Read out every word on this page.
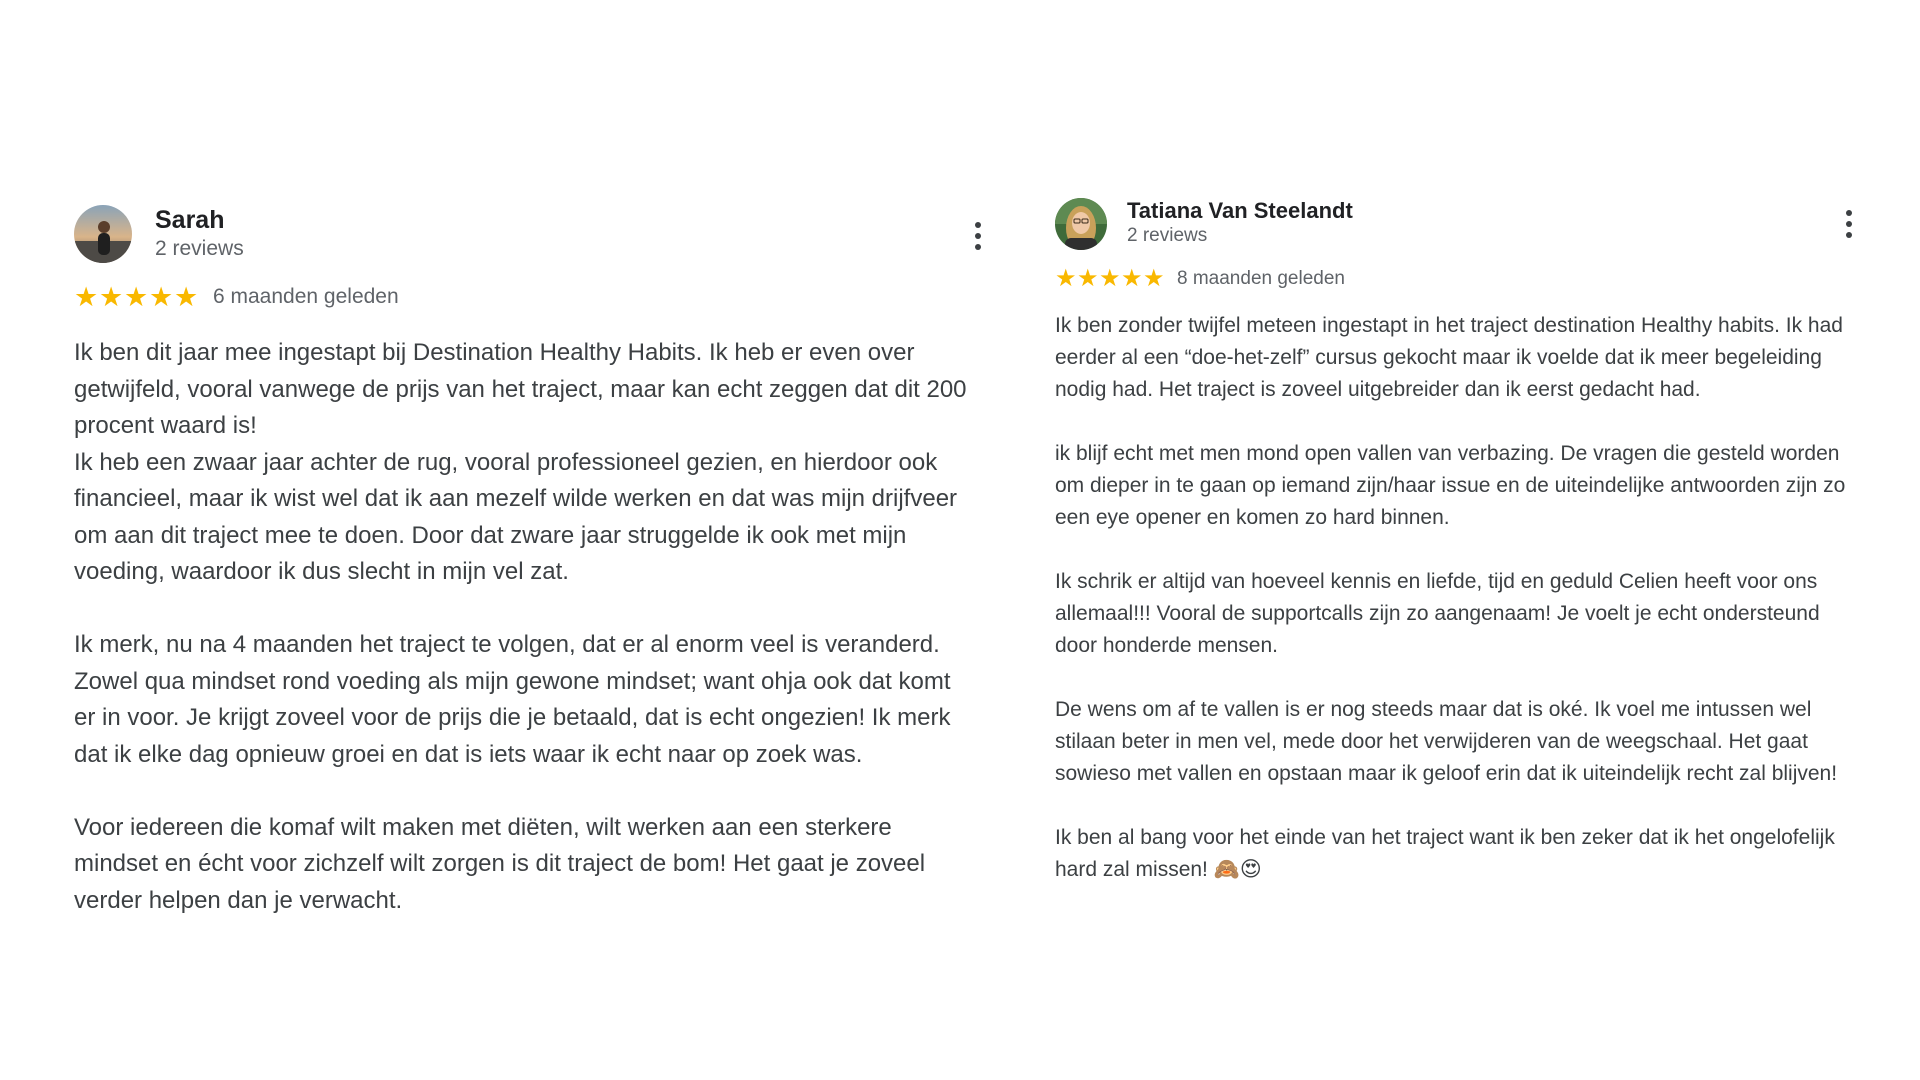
Sarah
2 reviews
★ ★ ★ ★ ★ 6 maanden geleden

Ik ben dit jaar mee ingestapt bij Destination Healthy Habits. Ik heb er even over getwijfeld, vooral vanwege de prijs van het traject, maar kan echt zeggen dat dit 200 procent waard is!

Ik heb een zwaar jaar achter de rug, vooral professioneel gezien, en hierdoor ook financieel, maar ik wist wel dat ik aan mezelf wilde werken en dat was mijn drijfveer om aan dit traject mee te doen. Door dat zware jaar struggelde ik ook met mijn voeding, waardoor ik dus slecht in mijn vel zat.

Ik merk, nu na 4 maanden het traject te volgen, dat er al enorm veel is veranderd. Zowel qua mindset rond voeding als mijn gewone mindset; want ohja ook dat komt er in voor. Je krijgt zoveel voor de prijs die je betaald, dat is echt ongezien! Ik merk dat ik elke dag opnieuw groei en dat is iets waar ik echt naar op zoek was.

Voor iedereen die komaf wilt maken met diëten, wilt werken aan een sterkere mindset en écht voor zichzelf wilt zorgen is dit traject de bom! Het gaat je zoveel verder helpen dan je verwacht.

Tatiana Van Steelandt
2 reviews
★ ★ ★ ★ ★ 8 maanden geleden

Ik ben zonder twijfel meteen ingestapt in het traject destination Healthy habits. Ik had eerder al een “doe-het-zelf” cursus gekocht maar ik voelde dat ik meer begeleiding nodig had. Het traject is zoveel uitgebreider dan ik eerst gedacht had.

ik blijf echt met men mond open vallen van verbazing. De vragen die gesteld worden om dieper in te gaan op iemand zijn/haar issue en de uiteindelijke antwoorden zijn zo een eye opener en komen zo hard binnen.

Ik schrik er altijd van hoeveel kennis en liefde, tijd en geduld Celien heeft voor ons allemaal!!! Vooral de supportcalls zijn zo aangenaam! Je voelt je echt ondersteund door honderde mensen.

De wens om af te vallen is er nog steeds maar dat is oké. Ik voel me intussen wel stilaan beter in men vel, mede door het verwijderen van de weegschaal. Het gaat sowieso met vallen en opstaan maar ik geloof erin dat ik uiteindelijk recht zal blijven!

Ik ben al bang voor het einde van het traject want ik ben zeker dat ik het ongelofelijk hard zal missen! 🙈😍
